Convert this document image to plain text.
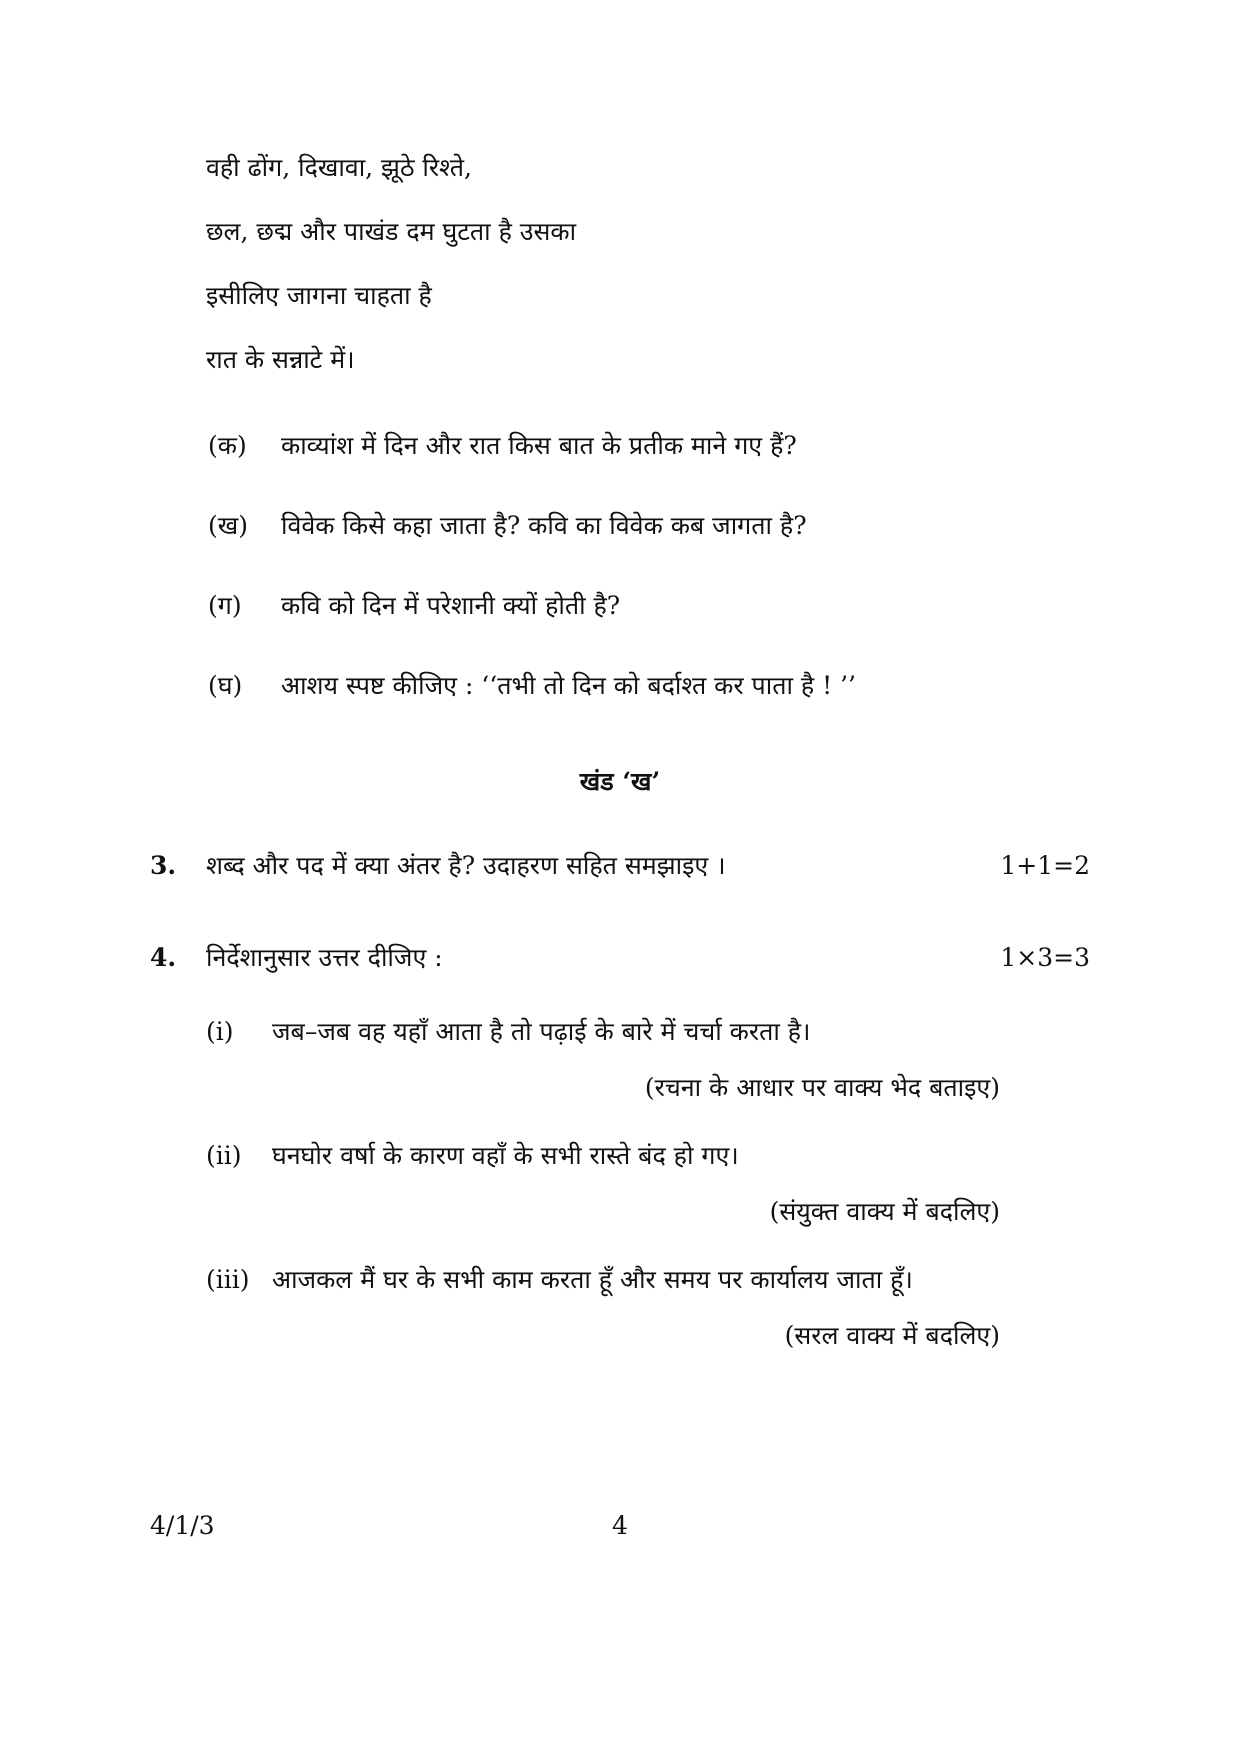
वही ढोंग, दिखावा, झूठे रिश्ते,
छल, छद्म और पाखंड दम घुटता है उसका
इसीलिए जागना चाहता है
रात के सन्नाटे में।
(क) काव्यांश में दिन और रात किस बात के प्रतीक माने गए हैं?
(ख) विवेक किसे कहा जाता है? कवि का विवेक कब जागता है?
(ग) कवि को दिन में परेशानी क्यों होती है?
(घ) आशय स्पष्ट कीजिए : ‘‘तभी तो दिन को बर्दाश्त कर पाता है ! ’’
खंड ‘ख’
3. शब्द और पद में क्या अंतर है? उदाहरण सहित समझाइए ।	1+1=2
4. निर्देशानुसार उत्तर दीजिए :	1×3=3
(i) जब–जब वह यहाँ आता है तो पढ़ाई के बारे में चर्चा करता है।
(रचना के आधार पर वाक्य भेद बताइए)
(ii) घनघोर वर्षा के कारण वहाँ के सभी रास्ते बंद हो गए।
(संयुक्त वाक्य में बदलिए)
(iii) आजकल मैं घर के सभी काम करता हूँ और समय पर कार्यालय जाता हूँ।
(सरल वाक्य में बदलिए)
4/1/3	4
